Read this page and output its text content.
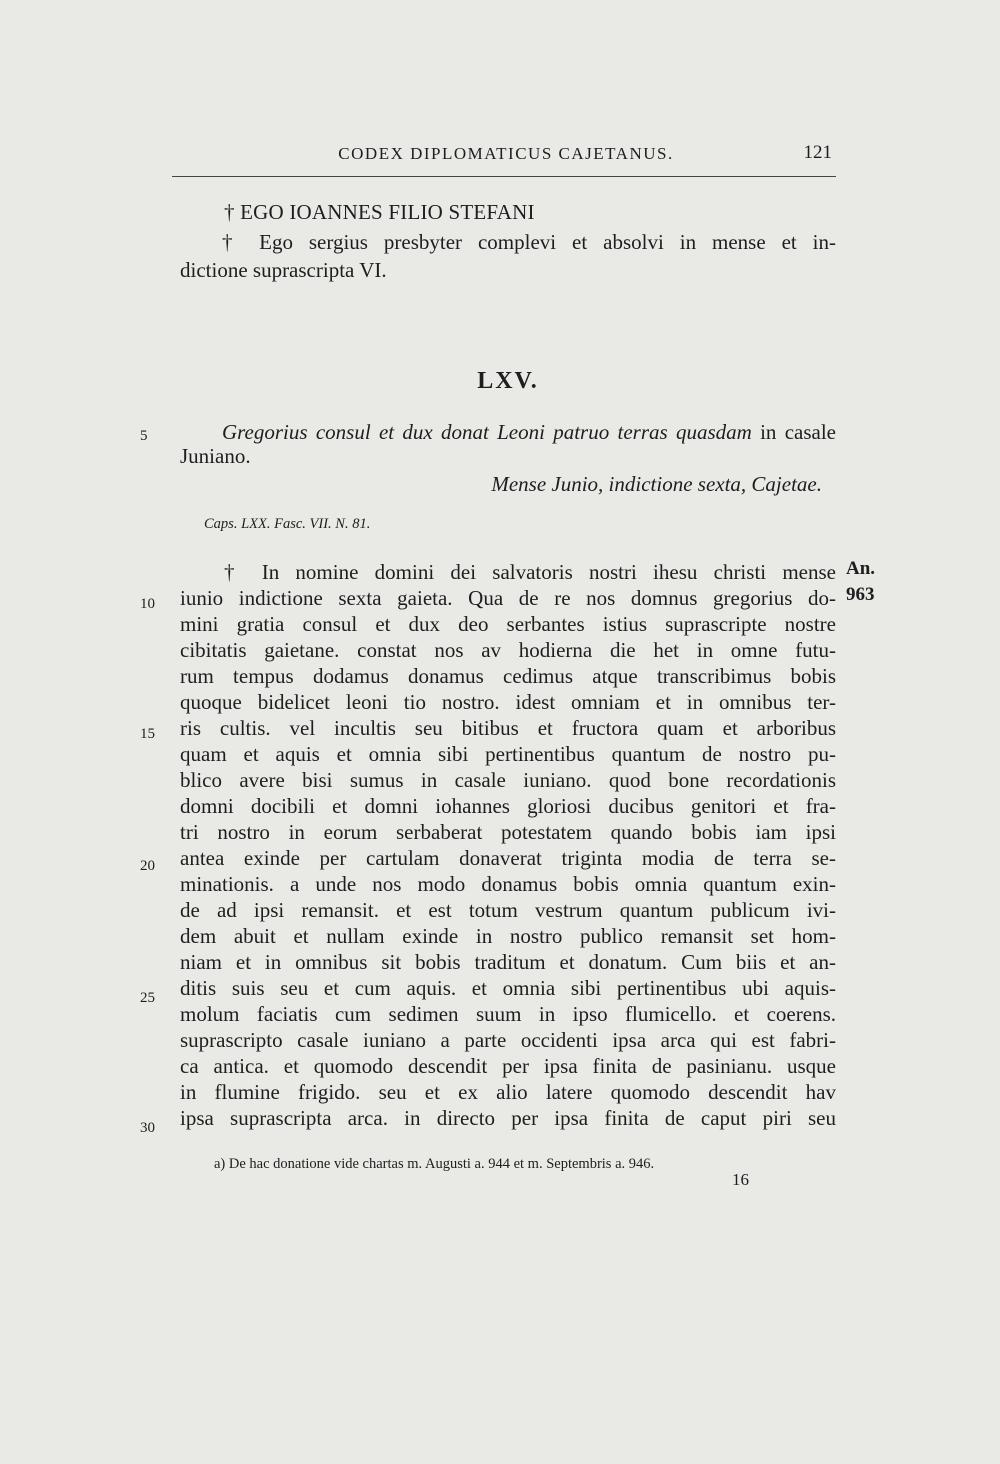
CODEX DIPLOMATICUS CAJETANUS.	121
† EGO IOANNES FILIO STEFANI
† Ego sergius presbyter complevi et absolvi in mense et in-
dictione suprascripta VI.
LXV.
5	Gregorius consul et dux donat Leoni patruo terras quasdam in casale
Juniano.
Mense Junio, indictione sexta, Cajetae.
Caps. LXX. Fasc. VII. N. 81.
An.
963
10
15
20
25
30
† In nomine domini dei salvatoris nostri ihesu christi mense
iunio indictione sexta gaieta. Qua de re nos domnus gregorius do-
mini gratia consul et dux deo serbantes istius suprascripte nostre
cibitatis gaietane. constat nos av hodierna die het in omne futu-
rum tempus dodamus donamus cedimus atque transcribimus bobis
quoque bidelicet leoni tio nostro. idest omniam et in omnibus ter-
ris cultis. vel incultis seu bitibus et fructora quam et arboribus
quam et aquis et omnia sibi pertinentibus quantum de nostro pu-
blico avere bisi sumus in casale iuniano. quod bone recordationis
domni docibili et domni iohannes gloriosi ducibus genitori et fra-
tri nostro in eorum serbaberat potestatem quando bobis iam ipsi
antea exinde per cartulam donaverat triginta modia de terra se-
minationis. a unde nos modo donamus bobis omnia quantum exin-
de ad ipsi remansit. et est totum vestrum quantum publicum ivi-
dem abuit et nullam exinde in nostro publico remansit set hom-
niam et in omnibus sit bobis traditum et donatum. Cum biis et an-
ditis suis seu et cum aquis. et omnia sibi pertinentibus ubi aquis-
molum faciatis cum sedimen suum in ipso flumicello. et coerens.
suprascripto casale iuniano a parte occidenti ipsa arca qui est fabri-
ca antica. et quomodo descendit per ipsa finita de pasinianu. usque
in flumine frigido. seu et ex alio latere quomodo descendit hav
ipsa suprascripta arca. in directo per ipsa finita de caput piri seu
a) De hac donatione vide chartas m. Augusti a. 944 et m. Septembris a. 946.
16
